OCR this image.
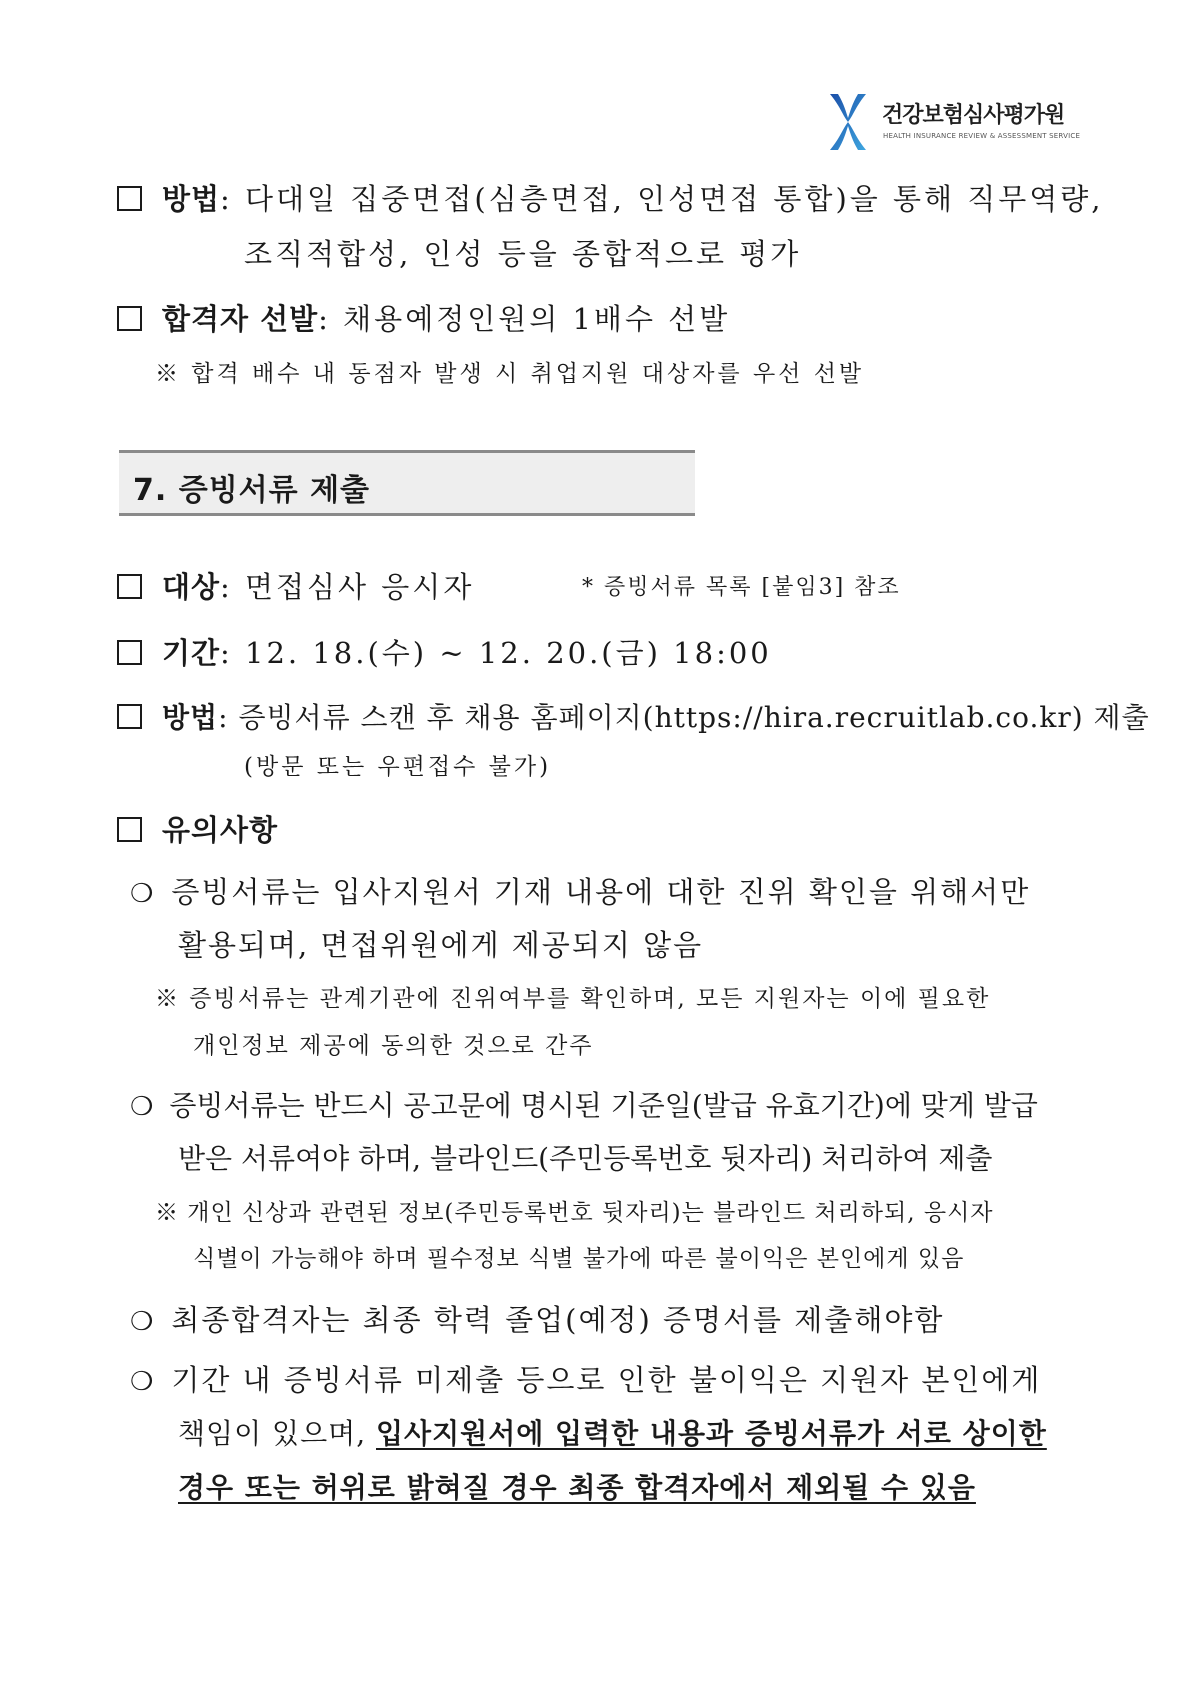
건강보험심사평가원
HEALTH INSURANCE REVIEW & ASSESSMENT SERVICE
방법: 다대일 집중면접(심층면접, 인성면접 통합)을 통해 직무역량,
조직적합성, 인성 등을 종합적으로 평가
합격자 선발: 채용예정인원의 1배수 선발
※ 합격 배수 내 동점자 발생 시 취업지원 대상자를 우선 선발
7. 증빙서류 제출
대상: 면접심사 응시자	* 증빙서류 목록 [붙임3] 참조
기간: 12. 18.(수) ~ 12. 20.(금) 18:00
방법: 증빙서류 스캔 후 채용 홈페이지(https://hira.recruitlab.co.kr) 제출
(방문 또는 우편접수 불가)
유의사항
❍ 증빙서류는 입사지원서 기재 내용에 대한 진위 확인을 위해서만
활용되며, 면접위원에게 제공되지 않음
※ 증빙서류는 관계기관에 진위여부를 확인하며, 모든 지원자는 이에 필요한
개인정보 제공에 동의한 것으로 간주
❍ 증빙서류는 반드시 공고문에 명시된 기준일(발급 유효기간)에 맞게 발급
받은 서류여야 하며, 블라인드(주민등록번호 뒷자리) 처리하여 제출
※ 개인 신상과 관련된 정보(주민등록번호 뒷자리)는 블라인드 처리하되, 응시자
식별이 가능해야 하며 필수정보 식별 불가에 따른 불이익은 본인에게 있음
❍ 최종합격자는 최종 학력 졸업(예정) 증명서를 제출해야함
❍ 기간 내 증빙서류 미제출 등으로 인한 불이익은 지원자 본인에게
책임이 있으며, 입사지원서에 입력한 내용과 증빙서류가 서로 상이한
경우 또는 허위로 밝혀질 경우 최종 합격자에서 제외될 수 있음
